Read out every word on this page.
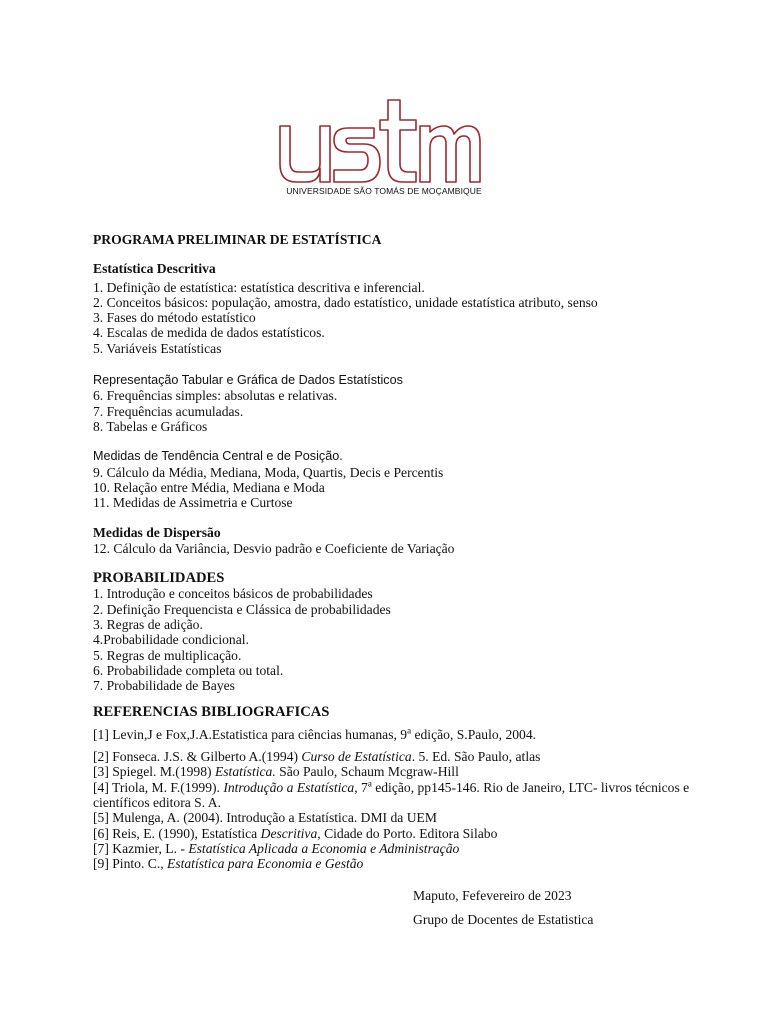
UNIVERSIDADE SÃO TOMÁS DE MOÇAMBIQUE
PROGRAMA PRELIMINAR DE ESTATÍSTICA
Estatística Descritiva
1. Definição de estatística: estatística descritiva e inferencial.
2. Conceitos básicos: população, amostra, dado estatístico, unidade estatística atributo, senso
3. Fases do método estatístico
4. Escalas de medida de dados estatísticos.
5. Variáveis Estatísticas
Representação Tabular e Gráfica de Dados Estatísticos
6. Frequências simples: absolutas e relativas.
7. Frequências acumuladas.
8. Tabelas e Gráficos
Medidas de Tendência Central e de Posição.
9. Cálculo da Média, Mediana, Moda, Quartis, Decis e Percentis
10. Relação entre Média, Mediana e Moda
11. Medidas de Assimetria e Curtose
Medidas de Dispersão
12. Cálculo da Variância, Desvio padrão e Coeficiente de Variação
PROBABILIDADES
1. Introdução e conceitos básicos de probabilidades
2. Definição Frequencista e Clássica de probabilidades
3. Regras de adição.
4.Probabilidade condicional.
5. Regras de multiplicação.
6. Probabilidade completa ou total.
7. Probabilidade de Bayes
REFERENCIAS BIBLIOGRAFICAS
[1] Levin,J e Fox,J.A.Estatistica para ciências humanas, 9$^a$ edição, S.Paulo, 2004.
[2] Fonseca. J.S. & Gilberto A.(1994) Curso de Estatística. 5. Ed. São Paulo, atlas
[3] Spiegel. M.(1998) Estatística. São Paulo, Schaum Mcgraw-Hill
[4] Triola, M. F.(1999). Introdução a Estatística, 7$^a$ edição, pp145-146. Rio de Janeiro, LTC- livros técnicos e científicos editora S. A.
[5] Mulenga, A. (2004). Introdução a Estatística. DMI da UEM
[6] Reis, E. (1990), Estatística Descritiva, Cidade do Porto. Editora Silabo
[7] Kazmier, L. - Estatística Aplicada a Economia e Administração
[9] Pinto. C., Estatística para Economia e Gestão
Maputo, Fefevereiro de 2023
Grupo de Docentes de Estatistica
